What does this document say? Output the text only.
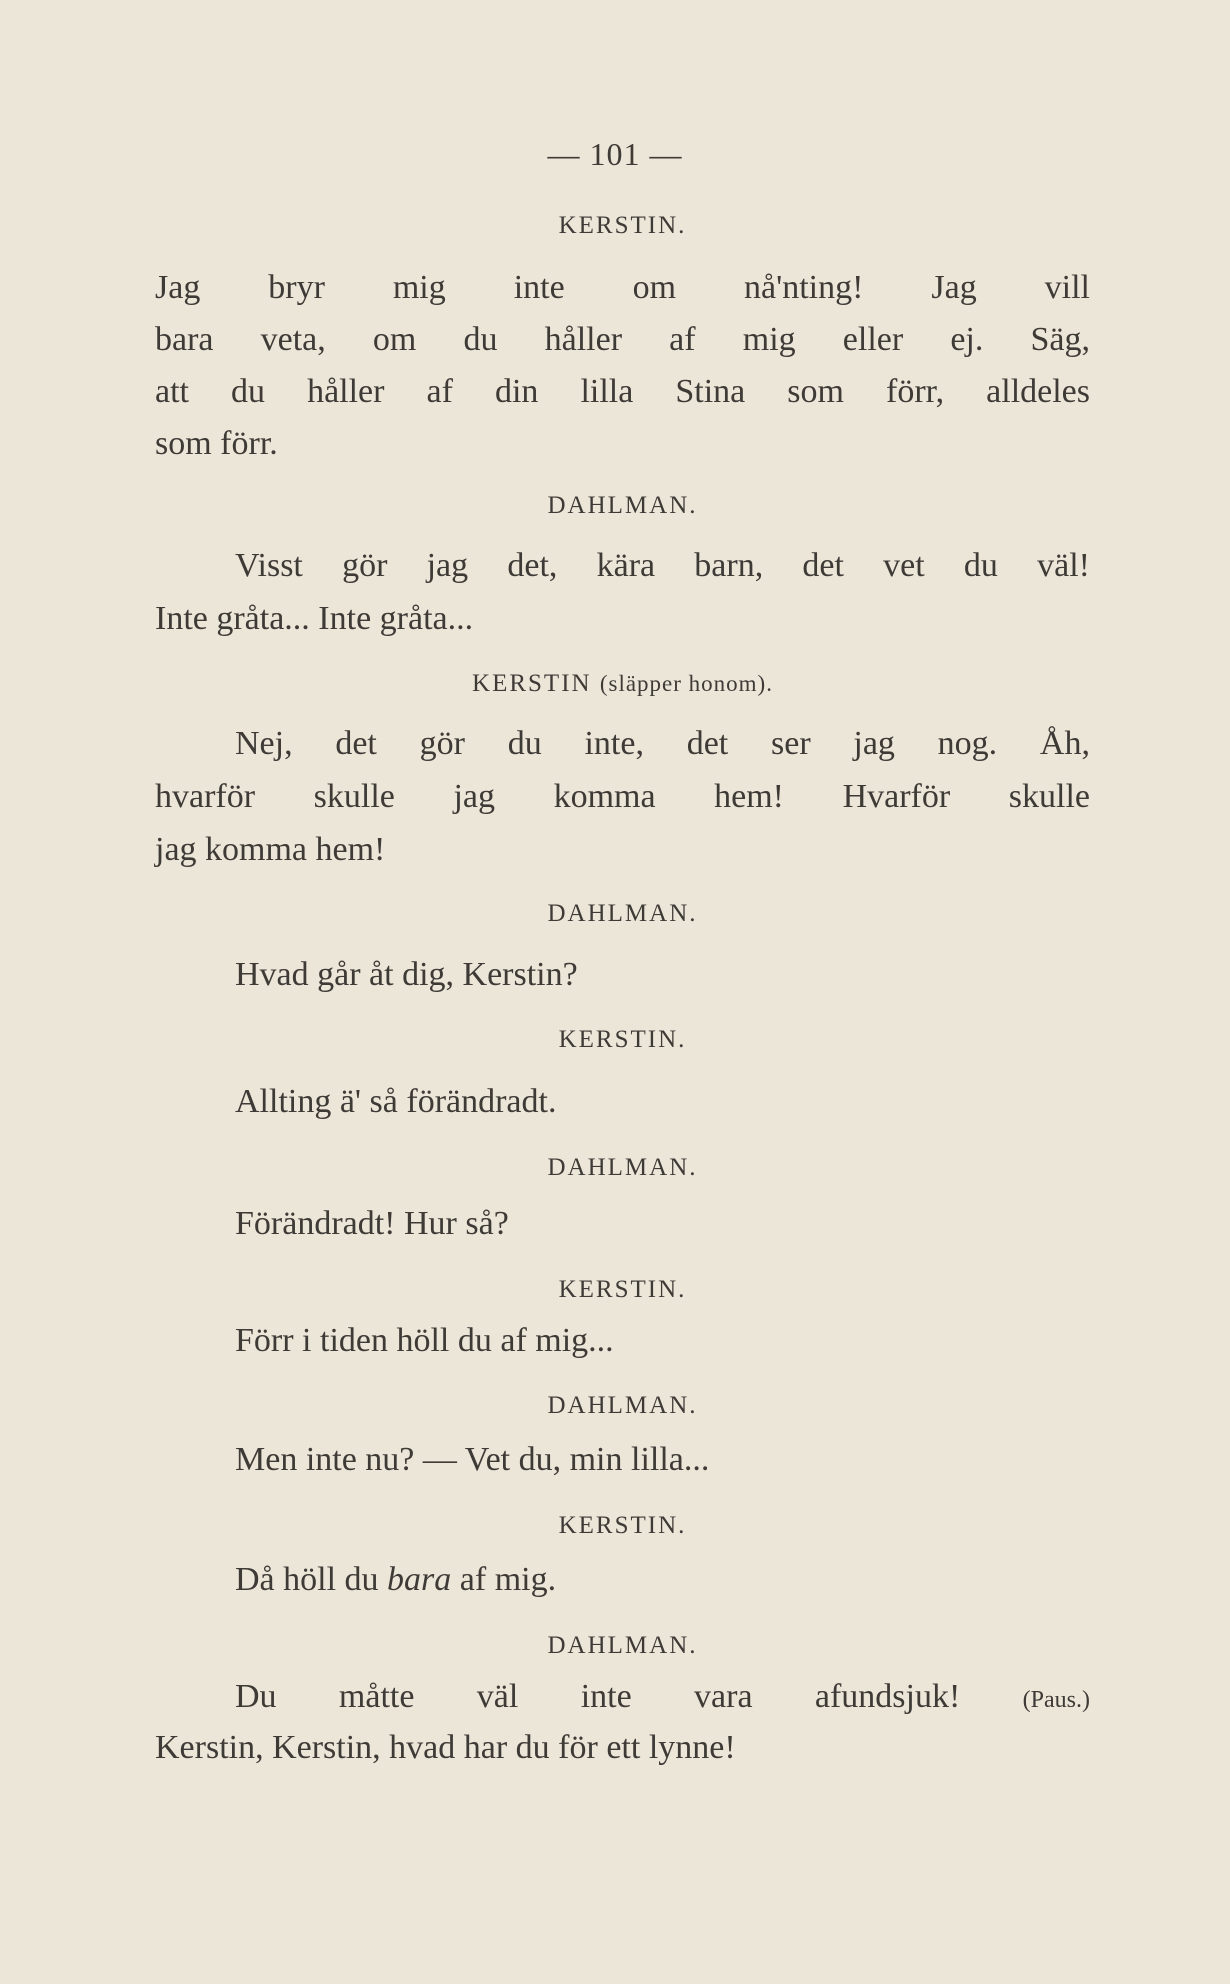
— 101 —
KERSTIN.
Jag bryr mig inte om nå'nting! Jag vill
bara veta, om du håller af mig eller ej. Säg,
att du håller af din lilla Stina som förr, alldeles
som förr.
DAHLMAN.
Visst gör jag det, kära barn, det vet du väl!
Inte gråta... Inte gråta...
KERSTIN (släpper honom).
Nej, det gör du inte, det ser jag nog. Åh,
hvarför skulle jag komma hem! Hvarför skulle
jag komma hem!
DAHLMAN.
Hvad går åt dig, Kerstin?
KERSTIN.
Allting ä' så förändradt.
DAHLMAN.
Förändradt! Hur så?
KERSTIN.
Förr i tiden höll du af mig...
DAHLMAN.
Men inte nu? — Vet du, min lilla...
KERSTIN.
Då höll du bara af mig.
DAHLMAN.
Du måtte väl inte vara afundsjuk!	(Paus.)
Kerstin, Kerstin, hvad har du för ett lynne!
